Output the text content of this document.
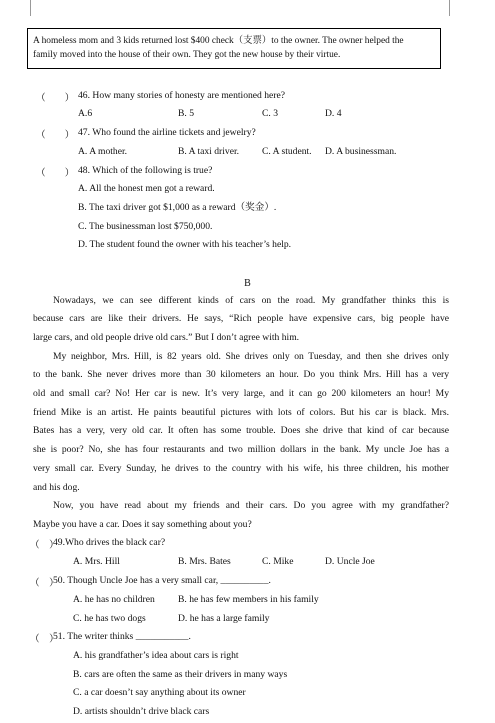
A homeless mom and 3 kids returned lost $400 check（支票）to the owner. The owner helped the
family moved into the house of their own. They got the new house by their virtue.
（　　） 46. How many stories of honesty are mentioned here?
A.6	B. 5	C. 3	D. 4
（　　） 47. Who found the airline tickets and jewelry?
A. A mother.	B. A taxi driver. C. A student. D. A businessman.
（　　） 48. Which of the following is true?
A. All the honest men got a reward.
B. The taxi driver got $1,000 as a reward（奖金）.
C. The businessman lost $750,000.
D. The student found the owner with his teacher’s help.
B
Nowadays, we can see different kinds of cars on the road. My grandfather thinks this is
because cars are like their drivers. He says, “Rich people have expensive cars, big people have
large cars, and old people drive old cars.” But I don’t agree with him.
My neighbor, Mrs. Hill, is 82 years old. She drives only on Tuesday, and then she drives only
to the bank. She never drives more than 30 kilometers an hour. Do you think Mrs. Hill has a very
old and small car? No! Her car is new. It’s very large, and it can go 200 kilometers an hour! My
friend Mike is an artist. He paints beautiful pictures with lots of colors. But his car is black. Mrs.
Bates has a very, very old car. It often has some trouble. Does she drive that kind of car because
she is poor? No, she has four restaurants and two million dollars in the bank. My uncle Joe has a
very small car. Every Sunday, he drives to the country with his wife, his three children, his mother
and his dog.
Now, you have read about my friends and their cars. Do you agree with my grandfather?
Maybe you have a car. Does it say something about you?
（　）
49.Who drives the black car?
A. Mrs. Hill	B. Mrs. Bates	C. Mike	D. Uncle Joe
（　）
50. Though Uncle Joe has a very small car, __________.
A. he has no children B. he has few members in his family
C. he has two dogs	D. he has a large family
（　）
51. The writer thinks ___________.
A. his grandfather’s idea about cars is right
B. cars are often the same as their drivers in many ways
C. a car doesn’t say anything about its owner
D. artists shouldn’t drive black cars
